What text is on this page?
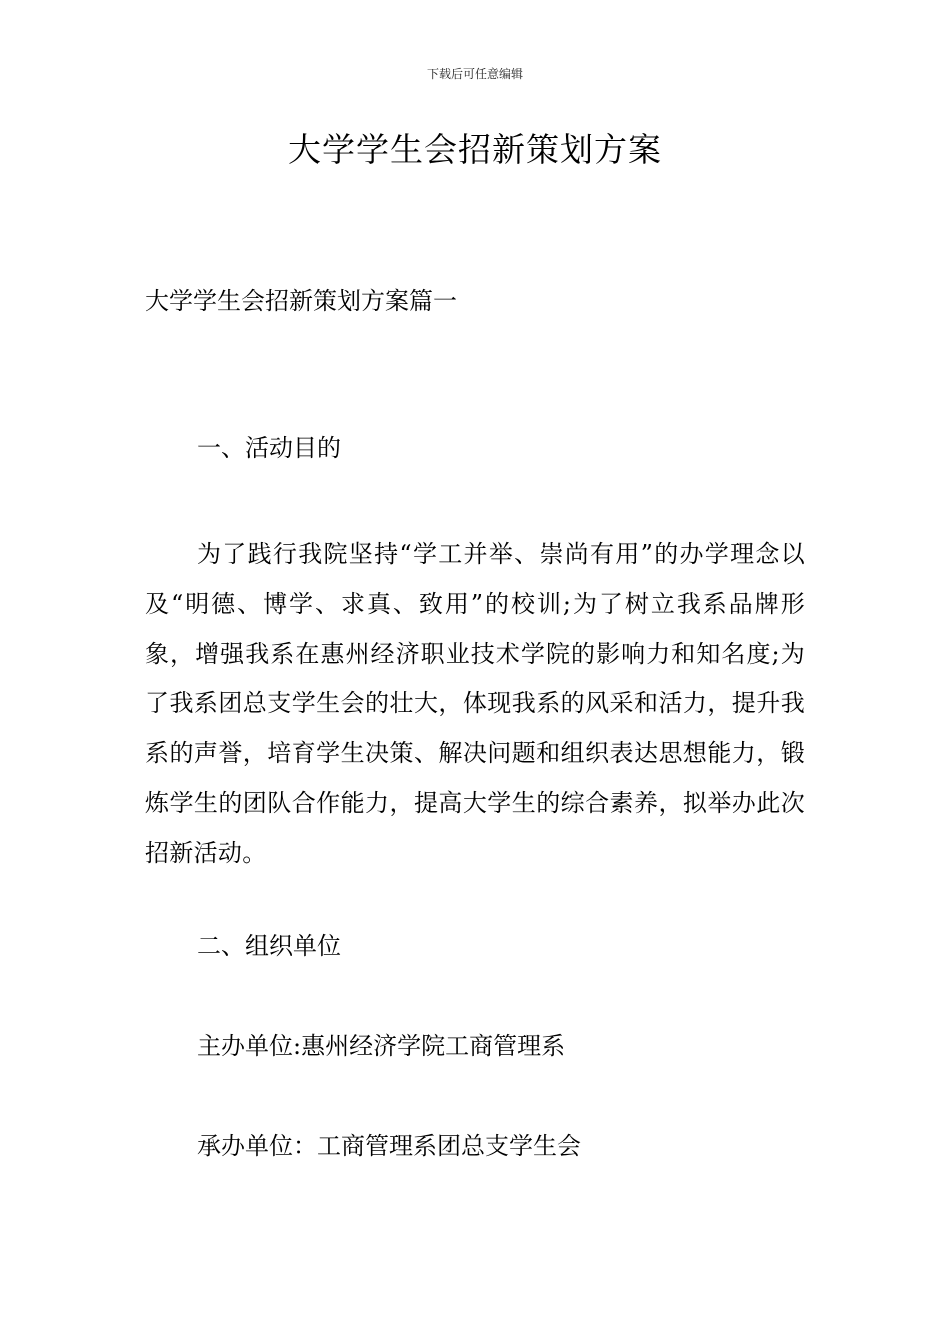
下载后可任意编辑
大学学生会招新策划方案
大学学生会招新策划方案篇一
一、活动目的

为了践行我院坚持“学工并举、崇尚有用”的办学理念以及“明德、博学、求真、致用”的校训;为了树立我系品牌形象，增强我系在惠州经济职业技术学院的影响力和知名度;为了我系团总支学生会的壮大，体现我系的风采和活力，提升我系的声誉，培育学生决策、解决问题和组织表达思想能力，锻炼学生的团队合作能力，提高大学生的综合素养，拟举办此次招新活动。

二、组织单位

主办单位:惠州经济学院工商管理系

承办单位：工商管理系团总支学生会
